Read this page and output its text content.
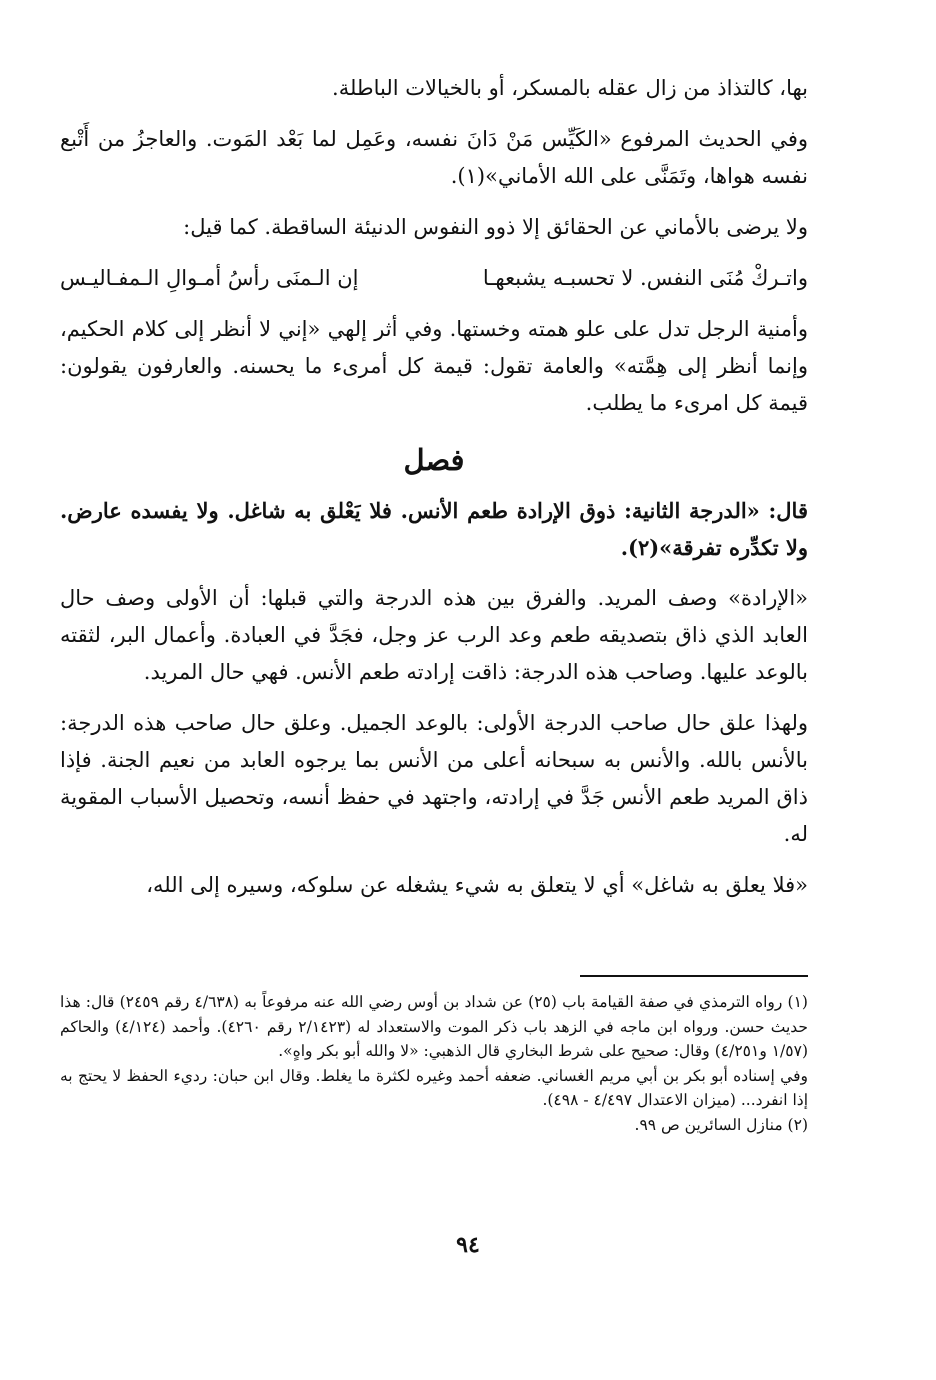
بها، كالتذاذ من زال عقله بالمسكر، أو بالخيالات الباطلة.

وفي الحديث المرفوع «الكَيِّس مَنْ دَانَ نفسه، وعَمِل لما بَعْد المَوت. والعاجزُ من أَتْبع نفسه هواها، وتَمَنَّى على الله الأماني»(١).

ولا يرضى بالأماني عن الحقائق إلا ذوو النفوس الدنيئة الساقطة. كما قيل:

واتـركْ مُنَى النفس. لا تحسبـه يشبعهـا
إن الـمنَى رأسُ أمـوالِ الـمفـاليـس

وأمنية الرجل تدل على علو همته وخستها. وفي أثر إلهي «إني لا أنظر إلى كلام الحكيم، وإنما أنظر إلى هِمَّته» والعامة تقول: قيمة كل أمرىء ما يحسنه. والعارفون يقولون: قيمة كل امرىء ما يطلب.

فصل

قال: «الدرجة الثانية: ذوق الإرادة طعم الأنس. فلا يَعْلق به شاغل. ولا يفسده عارض. ولا تكدِّره تفرقة»(٢).

«الإرادة» وصف المريد. والفرق بين هذه الدرجة والتي قبلها: أن الأولى وصف حال العابد الذي ذاق بتصديقه طعم وعد الرب عز وجل، فجَدَّ في العبادة. وأعمال البر، لثقته بالوعد عليها. وصاحب هذه الدرجة: ذاقت إرادته طعم الأنس. فهي حال المريد.

ولهذا علق حال صاحب الدرجة الأولى: بالوعد الجميل. وعلق حال صاحب هذه الدرجة: بالأنس بالله. والأنس به سبحانه أعلى من الأنس بما يرجوه العابد من نعيم الجنة. فإذا ذاق المريد طعم الأنس جَدَّ في إرادته، واجتهد في حفظ أنسه، وتحصيل الأسباب المقوية له.

«فلا يعلق به شاغل» أي لا يتعلق به شيء يشغله عن سلوكه، وسيره إلى الله،

(١) رواه الترمذي في صفة القيامة باب (٢٥) عن شداد بن أوس رضي الله عنه مرفوعاً به (٤/٦٣٨ رقم ٢٤٥٩) قال: هذا حديث حسن. ورواه ابن ماجه في الزهد باب ذكر الموت والاستعداد له (٢/١٤٢٣ رقم ٤٢٦٠). وأحمد (٤/١٢٤) والحاكم (١/٥٧ و٤/٢٥١) وقال: صحيح على شرط البخاري قال الذهبي: «لا والله أبو بكر واهٍ».

وفي إسناده أبو بكر بن أبي مريم الغساني. ضعفه أحمد وغيره لكثرة ما يغلط. وقال ابن حبان: رديء الحفظ لا يحتج به إذا انفرد... (ميزان الاعتدال ٤/٤٩٧ - ٤٩٨).

(٢) منازل السائرين ص ٩٩.

٩٤
